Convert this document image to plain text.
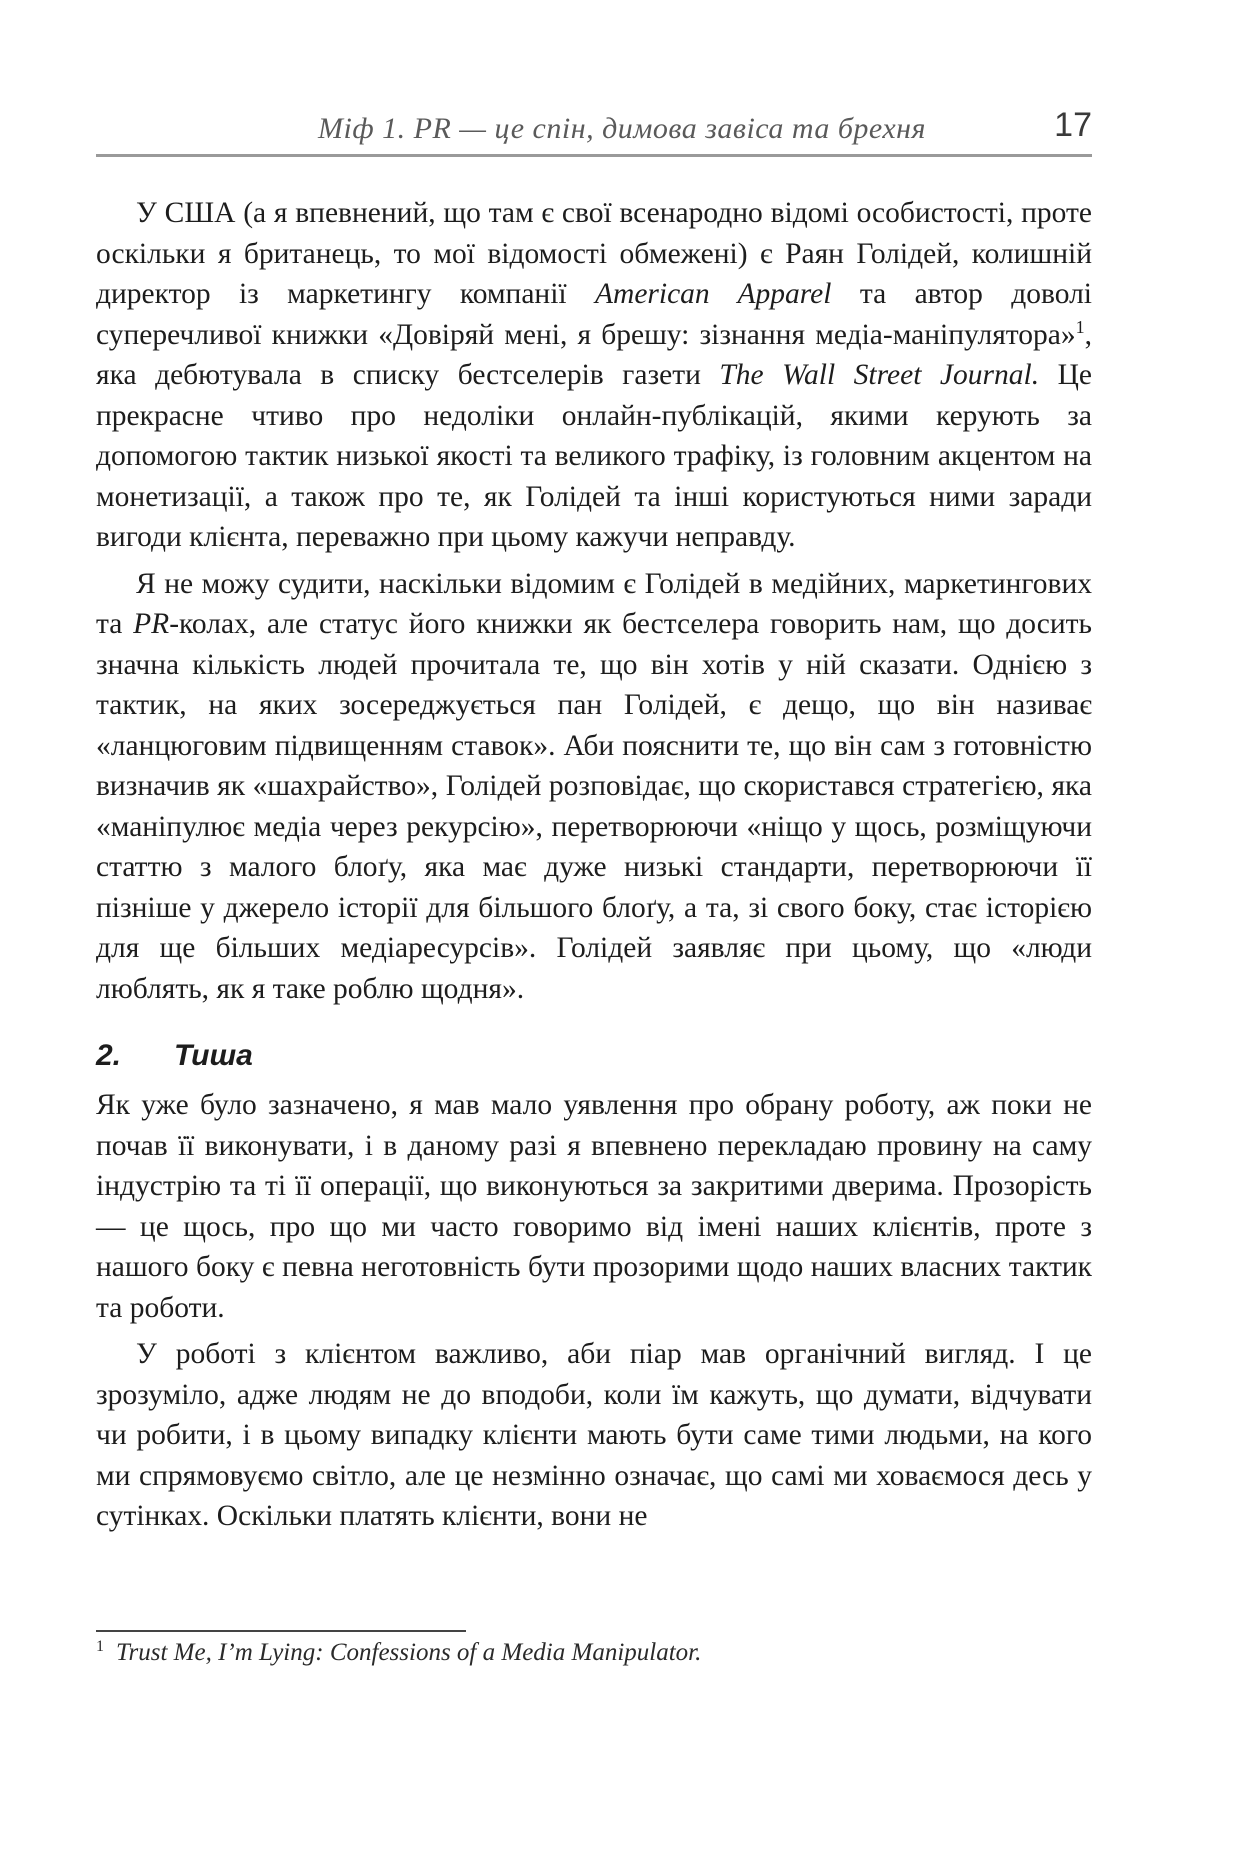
Міф 1. PR — це спін, димова завіса та брехня	17

У США (а я впевнений, що там є свої всенародно відомі особистості, проте оскільки я британець, то мої відомості обмежені) є Раян Голідей, колишній директор із маркетингу компанії American Apparel та автор доволі суперечливої книжки «Довіряй мені, я брешу: зізнання медіа-маніпулятора»$^1$, яка дебютувала в списку бестселерів газети The Wall Street Journal. Це прекрасне чтиво про недоліки онлайн-публікацій, якими керують за допомогою тактик низької якості та великого трафіку, із головним акцентом на монетизації, а також про те, як Голідей та інші користуються ними заради вигоди клієнта, переважно при цьому кажучи неправду.

Я не можу судити, наскільки відомим є Голідей в медійних, маркетингових та PR-колах, але статус його книжки як бестселера говорить нам, що досить значна кількість людей прочитала те, що він хотів у ній сказати. Однією з тактик, на яких зосереджується пан Голідей, є дещо, що він називає «ланцюговим підвищенням ставок». Аби пояснити те, що він сам з готовністю визначив як «шахрайство», Голідей розповідає, що скористався стратегією, яка «маніпулює медіа через рекурсію», перетворюючи «ніщо у щось, розміщуючи статтю з малого блоґу, яка має дуже низькі стандарти, перетворюючи її пізніше у джерело історії для більшого блоґу, а та, зі свого боку, стає історією для ще більших медіаресурсів». Голідей заявляє при цьому, що «люди люблять, як я таке роблю щодня».

2.	Тиша

Як уже було зазначено, я мав мало уявлення про обрану роботу, аж поки не почав її виконувати, і в даному разі я впевнено перекладаю провину на саму індустрію та ті її операції, що виконуються за закритими дверима. Прозорість — це щось, про що ми часто говоримо від імені наших клієнтів, проте з нашого боку є певна неготовність бути прозорими щодо наших власних тактик та роботи.

У роботі з клієнтом важливо, аби піар мав органічний вигляд. І це зрозуміло, адже людям не до вподоби, коли їм кажуть, що думати, відчувати чи робити, і в цьому випадку клієнти мають бути саме тими людьми, на кого ми спрямовуємо світло, але це незмінно означає, що самі ми ховаємося десь у сутінках. Оскільки платять клієнти, вони не

$^1$ Trust Me, I’m Lying: Confessions of a Media Manipulator.
